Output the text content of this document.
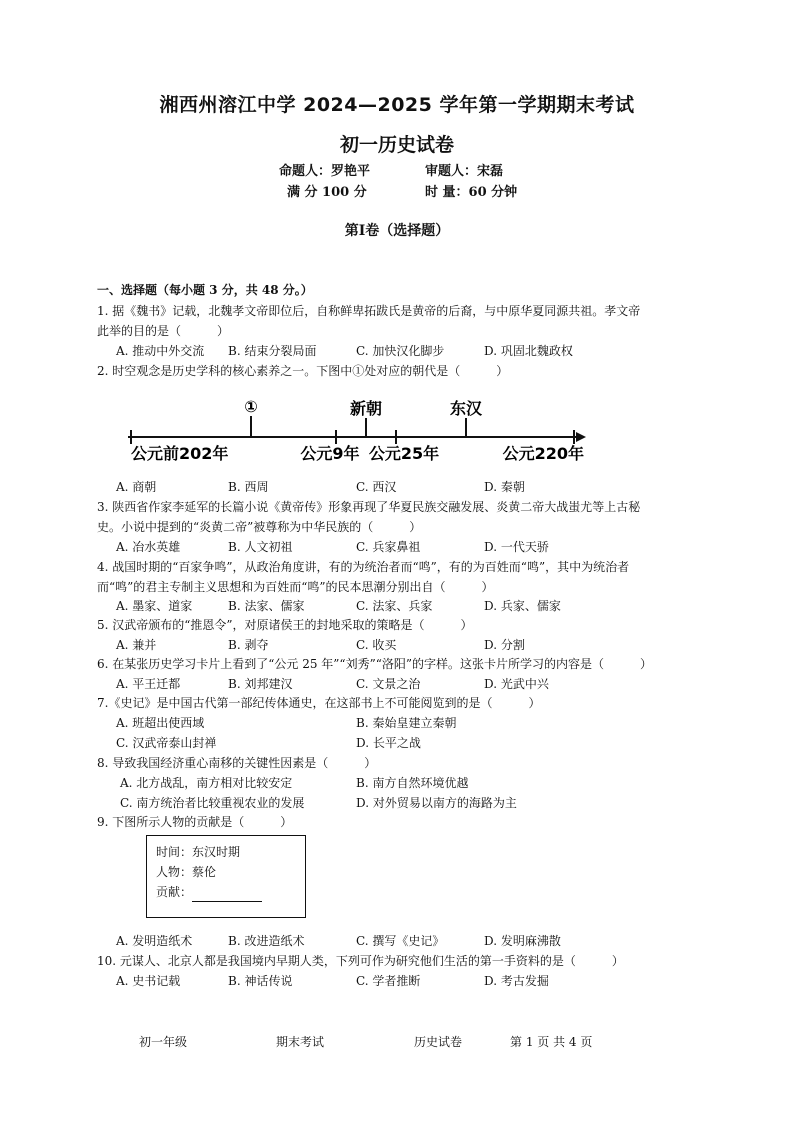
湘西州溶江中学 2024—2025 学年第一学期期末考试
初一历史试卷
命题人：罗艳平	审题人：宋磊
满 分 100 分	时 量：60 分钟
第Ⅰ卷（选择题）
一、选择题（每小题 3 分，共 48 分。）
1. 据《魏书》记载，北魏孝文帝即位后，自称鲜卑拓跋氏是黄帝的后裔，与中原华夏同源共祖。孝文帝
此举的目的是（　　　）
A. 推动中外交流 B. 结束分裂局面	C. 加快汉化脚步	D. 巩固北魏政权
2. 时空观念是历史学科的核心素养之一。下图中①处对应的朝代是（　　　）
①	新朝	东汉
公元前202年	公元9年 公元25年	公元220年
A. 商朝	B. 西周	C. 西汉	D. 秦朝
3. 陕西省作家李延军的长篇小说《黄帝传》形象再现了华夏民族交融发展、炎黄二帝大战蚩尤等上古秘
史。小说中提到的“炎黄二帝”被尊称为中华民族的（　　　）
A. 冶水英雄	B. 人文初祖	C. 兵家鼻祖	D. 一代天骄
4. 战国时期的“百家争鸣”，从政治角度讲，有的为统治者而“鸣”，有的为百姓而“鸣”，其中为统治者
而“鸣”的君主专制主义思想和为百姓而“鸣”的民本思潮分别出自（　　　）
A. 墨家、道家	B. 法家、儒家	C. 法家、兵家	D. 兵家、儒家
5. 汉武帝颁布的“推恩令”，对原诸侯王的封地采取的策略是（　　　）
A. 兼并	B. 剥夺	C. 收买	D. 分割
6. 在某张历史学习卡片上看到了“公元 25 年”“刘秀”“洛阳”的字样。这张卡片所学习的内容是（　　　）
A. 平王迁都	B. 刘邦建汉	C. 文景之治	D. 光武中兴
7.《史记》是中国古代第一部纪传体通史，在这部书上不可能阅览到的是（　　　）
A. 班超出使西域	B. 秦始皇建立秦朝
C. 汉武帝泰山封禅	D. 长平之战
8. 导致我国经济重心南移的关键性因素是（　　　）
A. 北方战乱，南方相对比较安定	B. 南方自然环境优越
C. 南方统治者比较重视农业的发展	D. 对外贸易以南方的海路为主
9. 下图所示人物的贡献是（　　　）
时间：东汉时期
人物：蔡伦
贡献：
A. 发明造纸术	B. 改进造纸术	C. 撰写《史记》	D. 发明麻沸散
10. 元谋人、北京人都是我国境内早期人类，下列可作为研究他们生活的第一手资料的是（　　　）
A. 史书记载	B. 神话传说	C. 学者推断	D. 考古发掘
初一年级	期末考试	历史试卷	第 1 页 共 4 页
